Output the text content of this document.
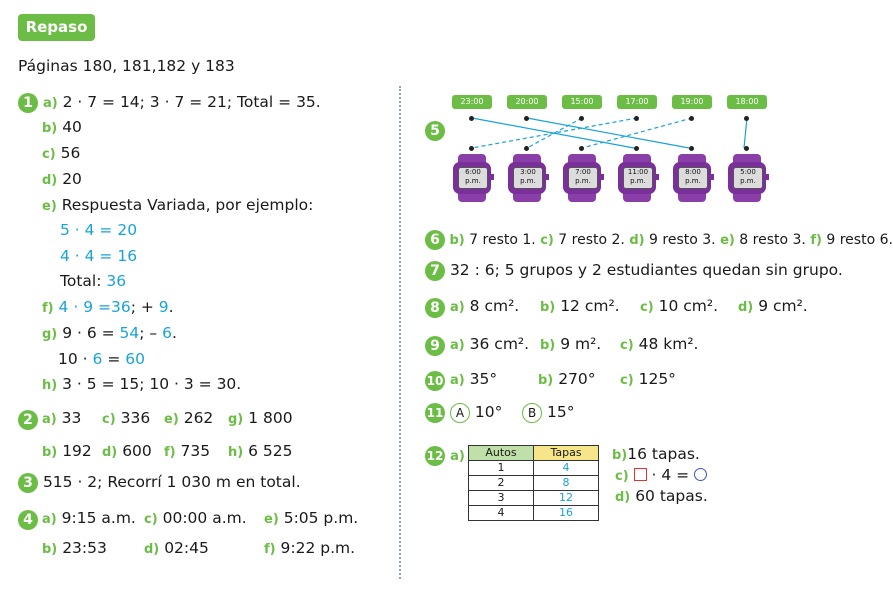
Repaso
Páginas 180, 181,182 y 183
1 a) 2 · 7 = 14; 3 · 7 = 21; Total = 35.
b) 40
c) 56
d) 20
e) Respuesta Variada, por ejemplo:
5 · 4 = 20
4 · 4 = 16
Total: 36
f) 4 · 9 =36; + 9.
g) 9 · 6 = 54; – 6.
10 · 6 = 60
h) 3 · 5 = 15; 10 · 3 = 30.
2 a) 33 c) 336 e) 262 g) 1 800
b) 192 d) 600 f) 735 h) 6 525
3 515 · 2; Recorrí 1 030 m en total.
4 a) 9:15 a.m. c) 00:00 a.m. e) 5:05 p.m.
b) 23:53	d) 02:45	f) 9:22 p.m.
5
23:00	20:00	15:00	17:00	19:00	18:00
6:00
p.m.
3:00
p.m.
7:00
p.m.
11:00
p.m.
8:00
p.m.
5:00
p.m.
6 b) 7 resto 1. c) 7 resto 2. d) 9 resto 3. e) 8 resto 3. f) 9 resto 6.
7 32 : 6; 5 grupos y 2 estudiantes quedan sin grupo.
8 a) 8 cm². b) 12 cm². c) 10 cm². d) 9 cm².
9 a) 36 cm². b) 9 m². c) 48 km².
10 a) 35°	b) 270° c) 125°
11 A 10° B 15°
12 a) Autos	Tapas
1	4
2	8
3	12
4	16
b)16 tapas.
c) · 4 =
d) 60 tapas.
